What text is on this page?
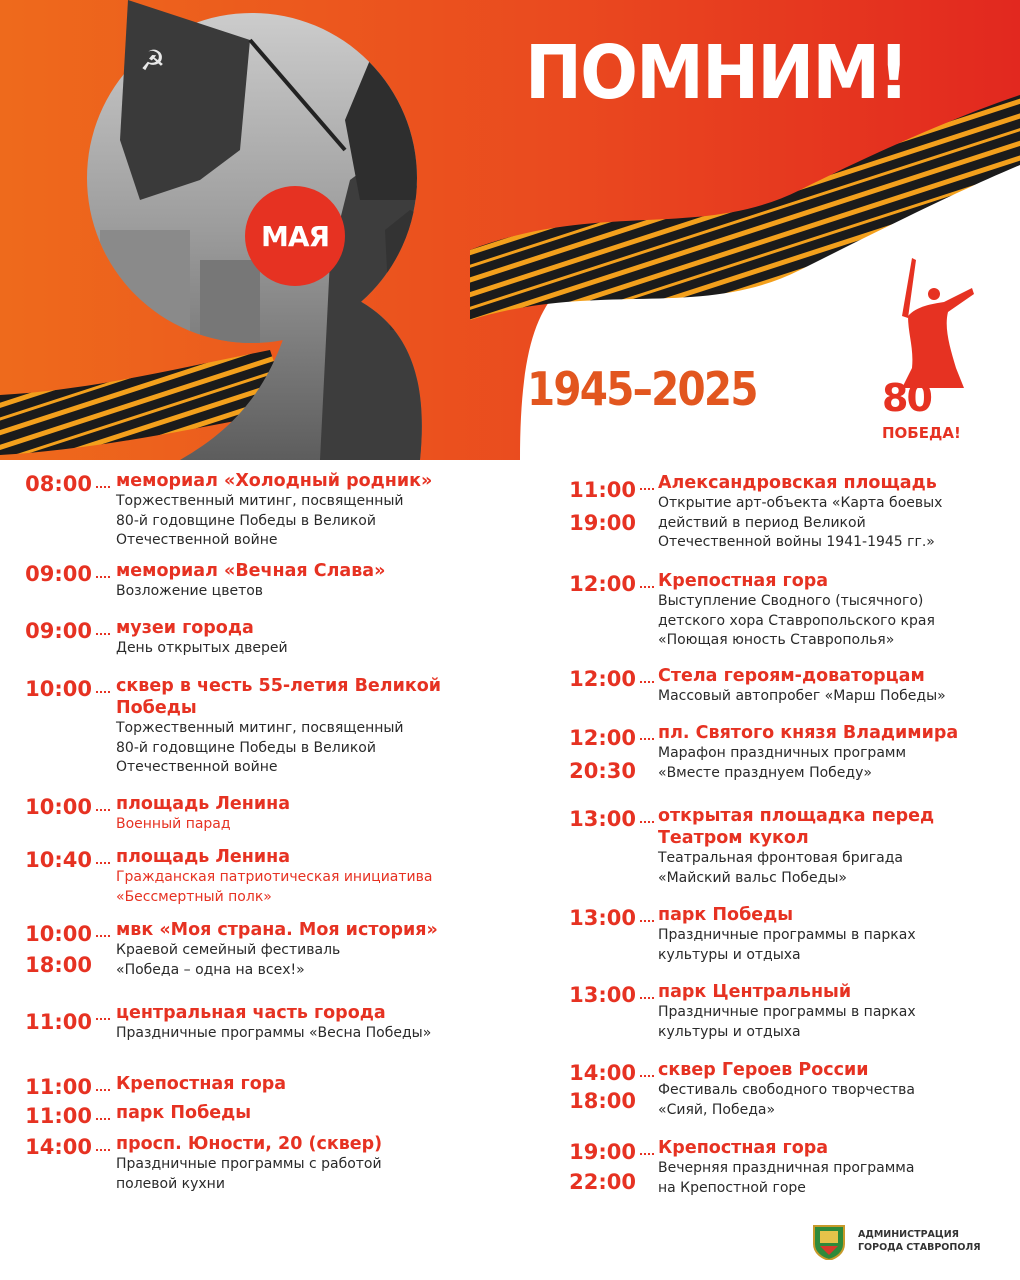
☭	ПОМНИМ!
МАЯ
1945–2025	80
ПОБЕДА!
08:00 мемориал «Холодный родник»
Торжественный митинг, посвященный
80-й годовщине Победы в Великой
Отечественной войне
09:00 мемориал «Вечная Слава»
Возложение цветов
09:00 музеи города
День открытых дверей
10:00 сквер в честь 55-летия Великой Победы
Торжественный митинг, посвященный
80-й годовщине Победы в Великой
Отечественной войне
10:00 площадь Ленина
Военный парад
10:40 площадь Ленина
Гражданская патриотическая инициатива
«Бессмертный полк»
10:00
18:00
мвк «Моя страна. Моя история»
Краевой семейный фестиваль
«Победа – одна на всех!»
11:00 центральная часть города
Праздничные программы «Весна Победы»
11:00 Крепостная гора
11:00 парк Победы
14:00 просп. Юности, 20 (сквер)
Праздничные программы с работой
полевой кухни
11:00
19:00
Александровская площадь
Открытие арт-объекта «Карта боевых
действий в период Великой
Отечественной войны 1941-1945 гг.»
12:00 Крепостная гора
Выступление Сводного (тысячного)
детского хора Ставропольского края
«Поющая юность Ставрополья»
12:00 Стела героям-доваторцам
Массовый автопробег «Марш Победы»
12:00
20:30
пл. Святого князя Владимира
Марафон праздничных программ
«Вместе празднуем Победу»
13:00 открытая площадка перед Театром кукол
Театральная фронтовая бригада
«Майский вальс Победы»
13:00 парк Победы
Праздничные программы в парках
культуры и отдыха
13:00 парк Центральный
Праздничные программы в парках
культуры и отдыха
14:00
18:00
сквер Героев России
Фестиваль свободного творчества
«Сияй, Победа»
19:00
22:00
Крепостная гора
Вечерняя праздничная программа
на Крепостной горе
АДМИНИСТРАЦИЯ
ГОРОДА СТАВРОПОЛЯ
